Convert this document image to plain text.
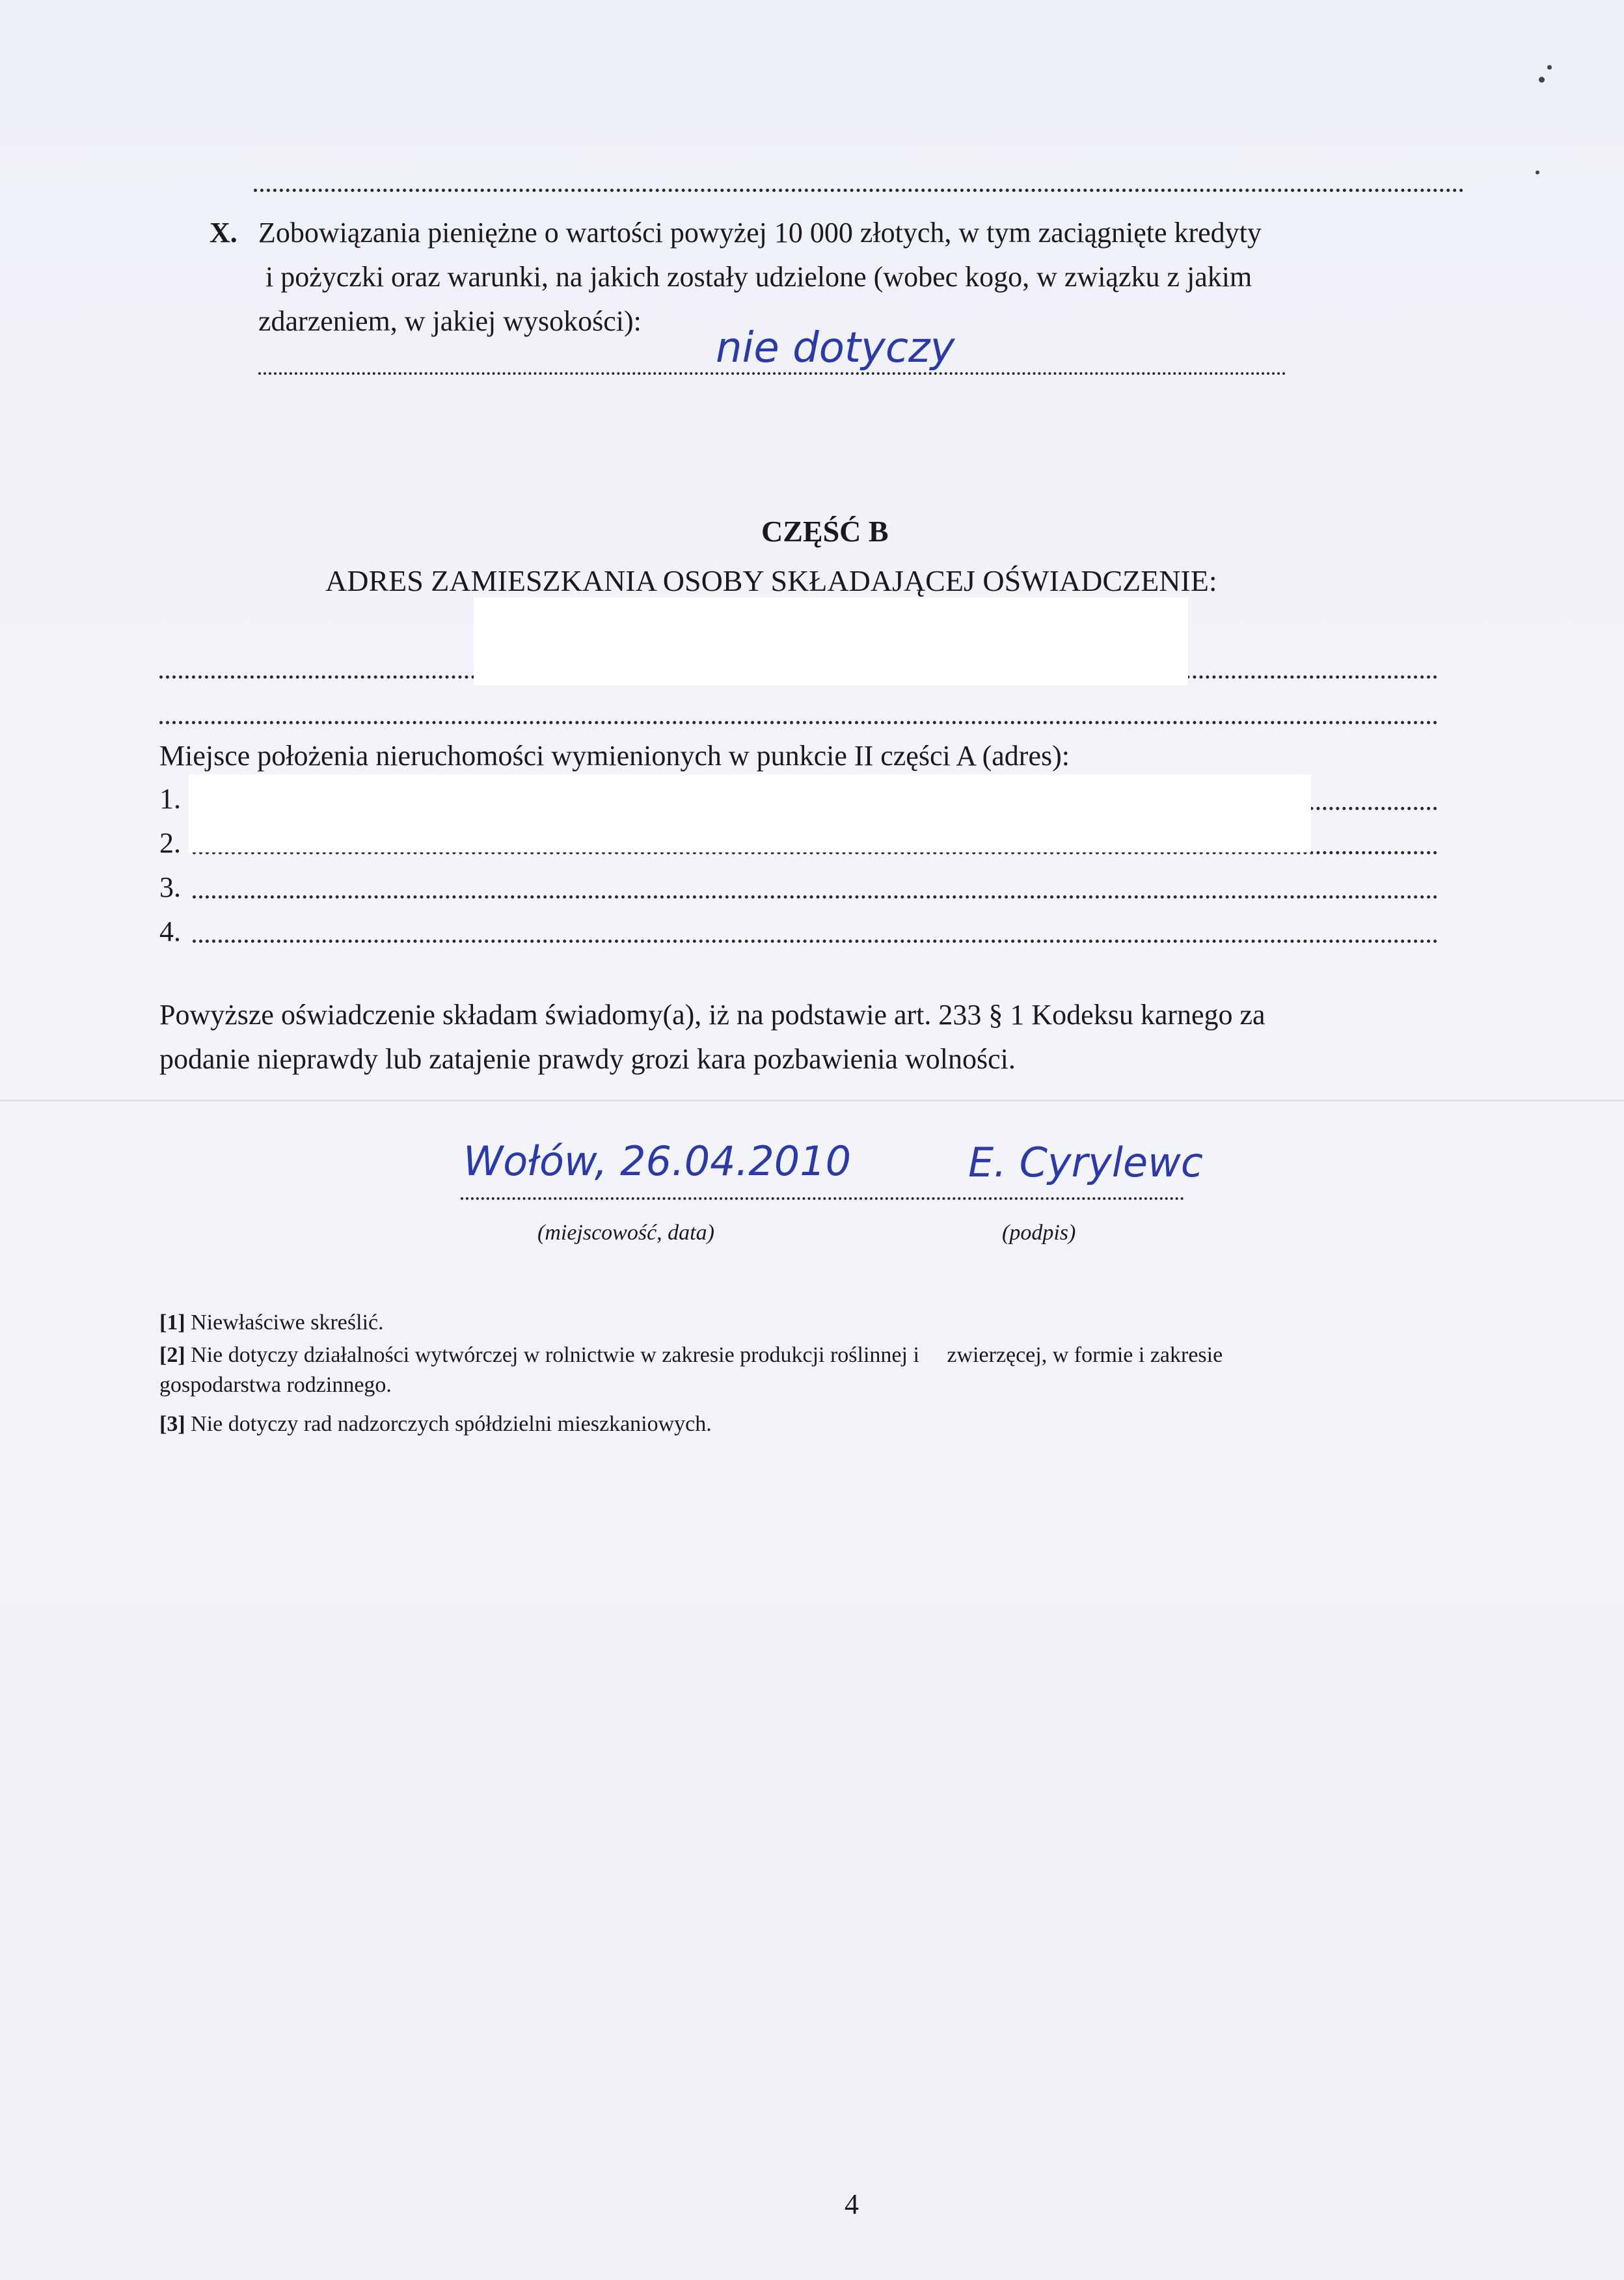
X. Zobowiązania pieniężne o wartości powyżej 10 000 złotych, w tym zaciągnięte kredyty
i pożyczki oraz warunki, na jakich zostały udzielone (wobec kogo, w związku z jakim
zdarzeniem, w jakiej wysokości):
nie dotyczy
CZĘŚĆ B
ADRES ZAMIESZKANIA OSOBY SKŁADAJĄCEJ OŚWIADCZENIE:
Miejsce położenia nieruchomości wymienionych w punkcie II części A (adres):
1.
2.
3.
4.
Powyższe oświadczenie składam świadomy(a), iż na podstawie art. 233 § 1 Kodeksu karnego za
podanie nieprawdy lub zatajenie prawdy grozi kara pozbawienia wolności.
Wołów, 26.04.2010	E. Cyrylewc
(miejscowość, data)	(podpis)
[1] Niewłaściwe skreślić.
[2] Nie dotyczy działalności wytwórczej w rolnictwie w zakresie produkcji roślinnej i     zwierzęcej, w formie i zakresie
gospodarstwa rodzinnego.
[3] Nie dotyczy rad nadzorczych spółdzielni mieszkaniowych.
4
